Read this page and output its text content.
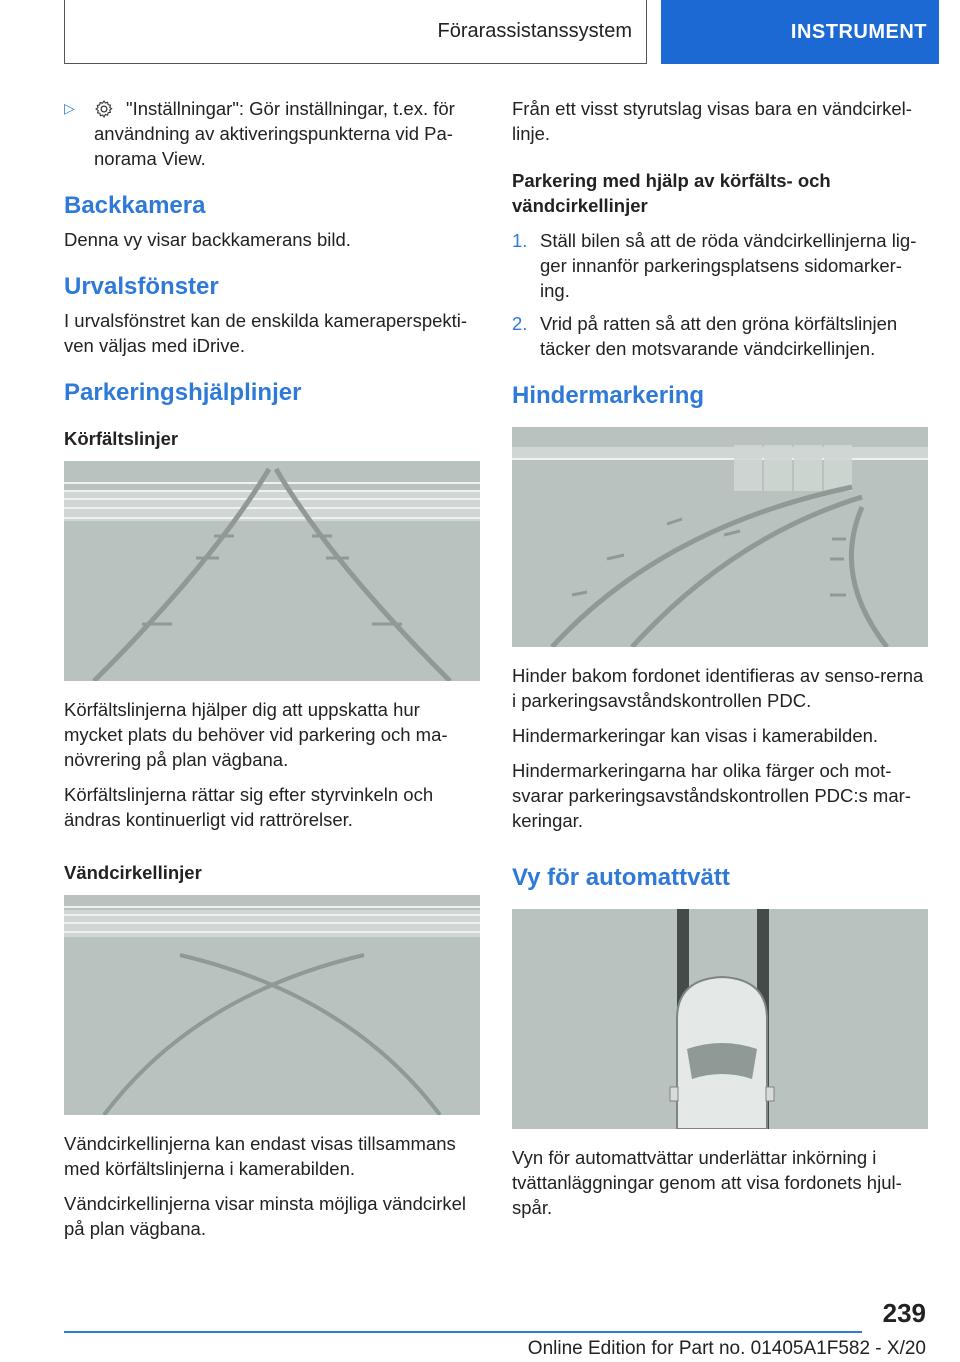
Förarassistanssystem	INSTRUMENT
▷	"Inställningar": Gör inställningar, t.ex. för användning av aktiveringspunkterna vid Pa-norama View.
Backkamera

Denna vy visar backkamerans bild.

Urvalsfönster

I urvalsfönstret kan de enskilda kameraperspekti-ven väljas med iDrive.

Parkeringshjälplinjer
Körfältslinjer

Körfältslinjerna hjälper dig att uppskatta hur mycket plats du behöver vid parkering och ma-növrering på plan vägbana.

Körfältslinjerna rättar sig efter styrvinkeln och ändras kontinuerligt vid rattrörelser.

Vändcirkellinjer

Vändcirkellinjerna kan endast visas tillsammans med körfältslinjerna i kamerabilden.

Vändcirkellinjerna visar minsta möjliga vändcirkel på plan vägbana.

Från ett visst styrutslag visas bara en vändcirkel-linje.

Parkering med hjälp av körfälts- och vändcirkellinjer
1. Ställ bilen så att de röda vändcirkellinjerna lig-ger innanför parkeringsplatsens sidomarker-ing.
2. Vrid på ratten så att den gröna körfältslinjen täcker den motsvarande vändcirkellinjen.
Hindermarkering

Hinder bakom fordonet identifieras av senso-rerna i parkeringsavståndskontrollen PDC.

Hindermarkeringar kan visas i kamerabilden.

Hindermarkeringarna har olika färger och mot-svarar parkeringsavståndskontrollen PDC:s mar-keringar.

Vy för automattvätt

Vyn för automattvättar underlättar inkörning i tvättanläggningar genom att visa fordonets hjul-spår.

239
Online Edition for Part no. 01405A1F582 - X/20
